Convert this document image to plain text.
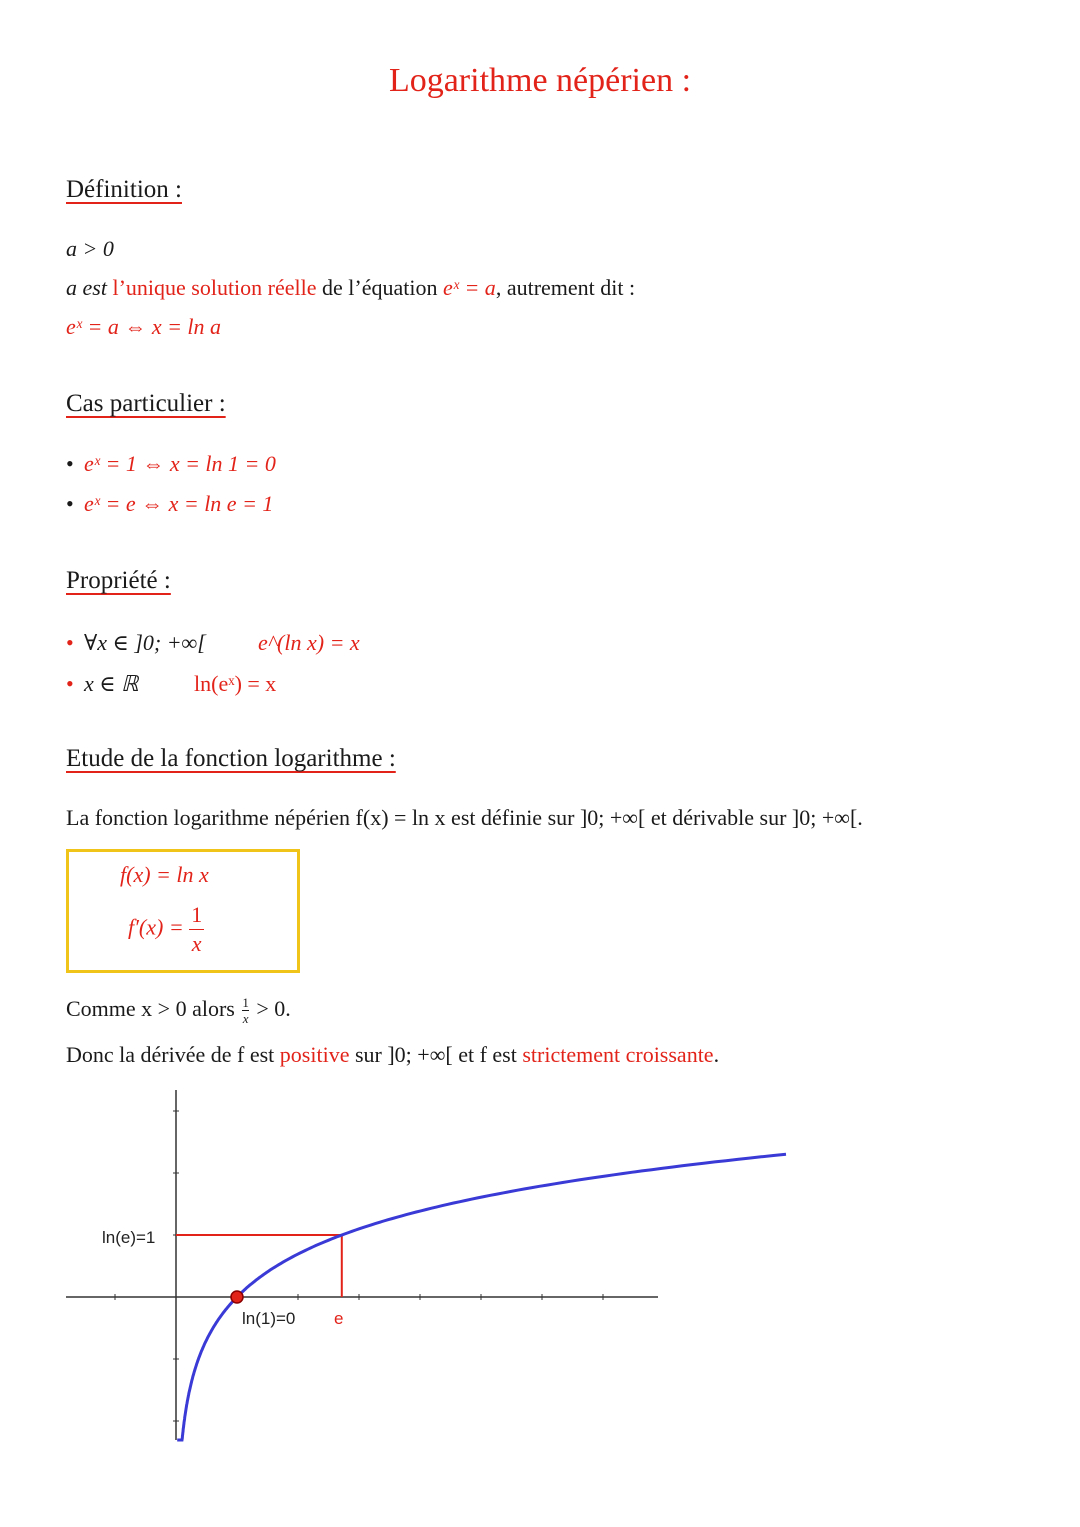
Logarithme népérien :
Définition :
a > 0
a est l’unique solution réelle de l’équation eˣ = a, autrement dit :
eˣ = a ⇔ x = ln a
Cas particulier :
• eˣ = 1 ⇔ x = ln 1 = 0
• eˣ = e ⇔ x = ln e = 1
Propriété :
• ∀x ∈ ]0; +∞[ e^(ln x) = x
• x ∈ ℝ	ln(eˣ) = x
Etude de la fonction logarithme :
La fonction logarithme népérien f(x) = ln x est définie sur ]0; +∞[ et dérivable sur ]0; +∞[.
f(x) = ln x
$f'(x) = \frac{1}{x}$
Comme x > 0 alors $\frac{1}{x} > 0$.
Donc la dérivée de f est positive sur ]0; +∞[ et f est strictement croissante.
ln(e)=1
ln(1)=0 e
